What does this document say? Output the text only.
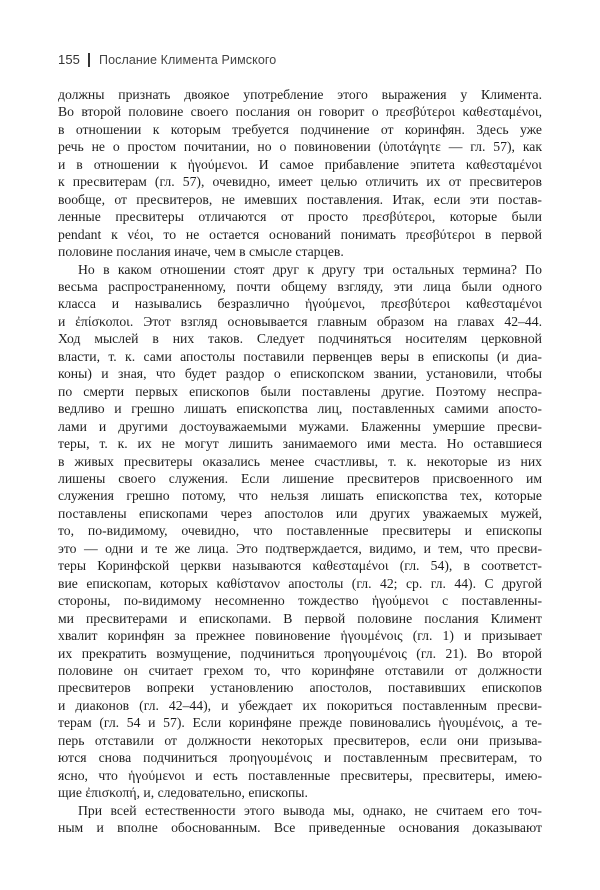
155 Послание Климента Римского
должны признать двоякое употребление этого выражения у Климента.
Во второй половине своего послания он говорит о πρεσβύτεροι καθεσταμένοι,
в отношении к которым требуется подчинение от коринфян. Здесь уже
речь не о простом почитании, но о повиновении (ὑποτάγητε — гл. 57), как
и в отношении к ἡγούμενοι. И самое прибавление эпитета καθεσταμένοι
к пресвитерам (гл. 57), очевидно, имеет целью отличить их от пресвитеров
вообще, от пресвитеров, не имевших поставления. Итак, если эти постав-
ленные пресвитеры отличаются от просто πρεσβύτεροι, которые были
pendant к νέοι, то не остается оснований понимать πρεσβύτεροι в первой
половине послания иначе, чем в смысле старцев.
Но в каком отношении стоят друг к другу три остальных термина? По
весьма распространенному, почти общему взгляду, эти лица были одного
класса и назывались безразлично ἡγούμενοι, πρεσβύτεροι καθεσταμένοι
и ἐπίσκοποι. Этот взгляд основывается главным образом на главах 42–44.
Ход мыслей в них таков. Следует подчиняться носителям церковной
власти, т. к. сами апостолы поставили первенцев веры в епископы (и диа-
коны) и зная, что будет раздор о епископском звании, установили, чтобы
по смерти первых епископов были поставлены другие. Поэтому неспра-
ведливо и грешно лишать епископства лиц, поставленных самими апосто-
лами и другими достоуважаемыми мужами. Блаженны умершие пресви-
теры, т. к. их не могут лишить занимаемого ими места. Но оставшиеся
в живых пресвитеры оказались менее счастливы, т. к. некоторые из них
лишены своего служения. Если лишение пресвитеров присвоенного им
служения грешно потому, что нельзя лишать епископства тех, которые
поставлены епископами через апостолов или других уважаемых мужей,
то, по-видимому, очевидно, что поставленные пресвитеры и епископы
это — одни и те же лица. Это подтверждается, видимо, и тем, что пресви-
теры Коринфской церкви называются καθεσταμένοι (гл. 54), в соответст-
вие епископам, которых καθίστανον апостолы (гл. 42; ср. гл. 44). С другой
стороны, по-видимому несомненно тождество ἡγούμενοι с поставленны-
ми пресвитерами и епископами. В первой половине послания Климент
хвалит коринфян за прежнее повиновение ἡγουμένοις (гл. 1) и призывает
их прекратить возмущение, подчиниться προηγουμένοις (гл. 21). Во второй
половине он считает грехом то, что коринфяне отставили от должности
пресвитеров вопреки установлению апостолов, поставивших епископов
и диаконов (гл. 42–44), и убеждает их покориться поставленным пресви-
терам (гл. 54 и 57). Если коринфяне прежде повиновались ἡγουμένοις, а те-
перь отставили от должности некоторых пресвитеров, если они призыва-
ются снова подчиниться προηγουμένοις и поставленным пресвитерам, то
ясно, что ἡγούμενοι и есть поставленные пресвитеры, пресвитеры, имею-
щие ἐπισκοπή, и, следовательно, епископы.
При всей естественности этого вывода мы, однако, не считаем его точ-
ным и вполне обоснованным. Все приведенные основания доказывают
